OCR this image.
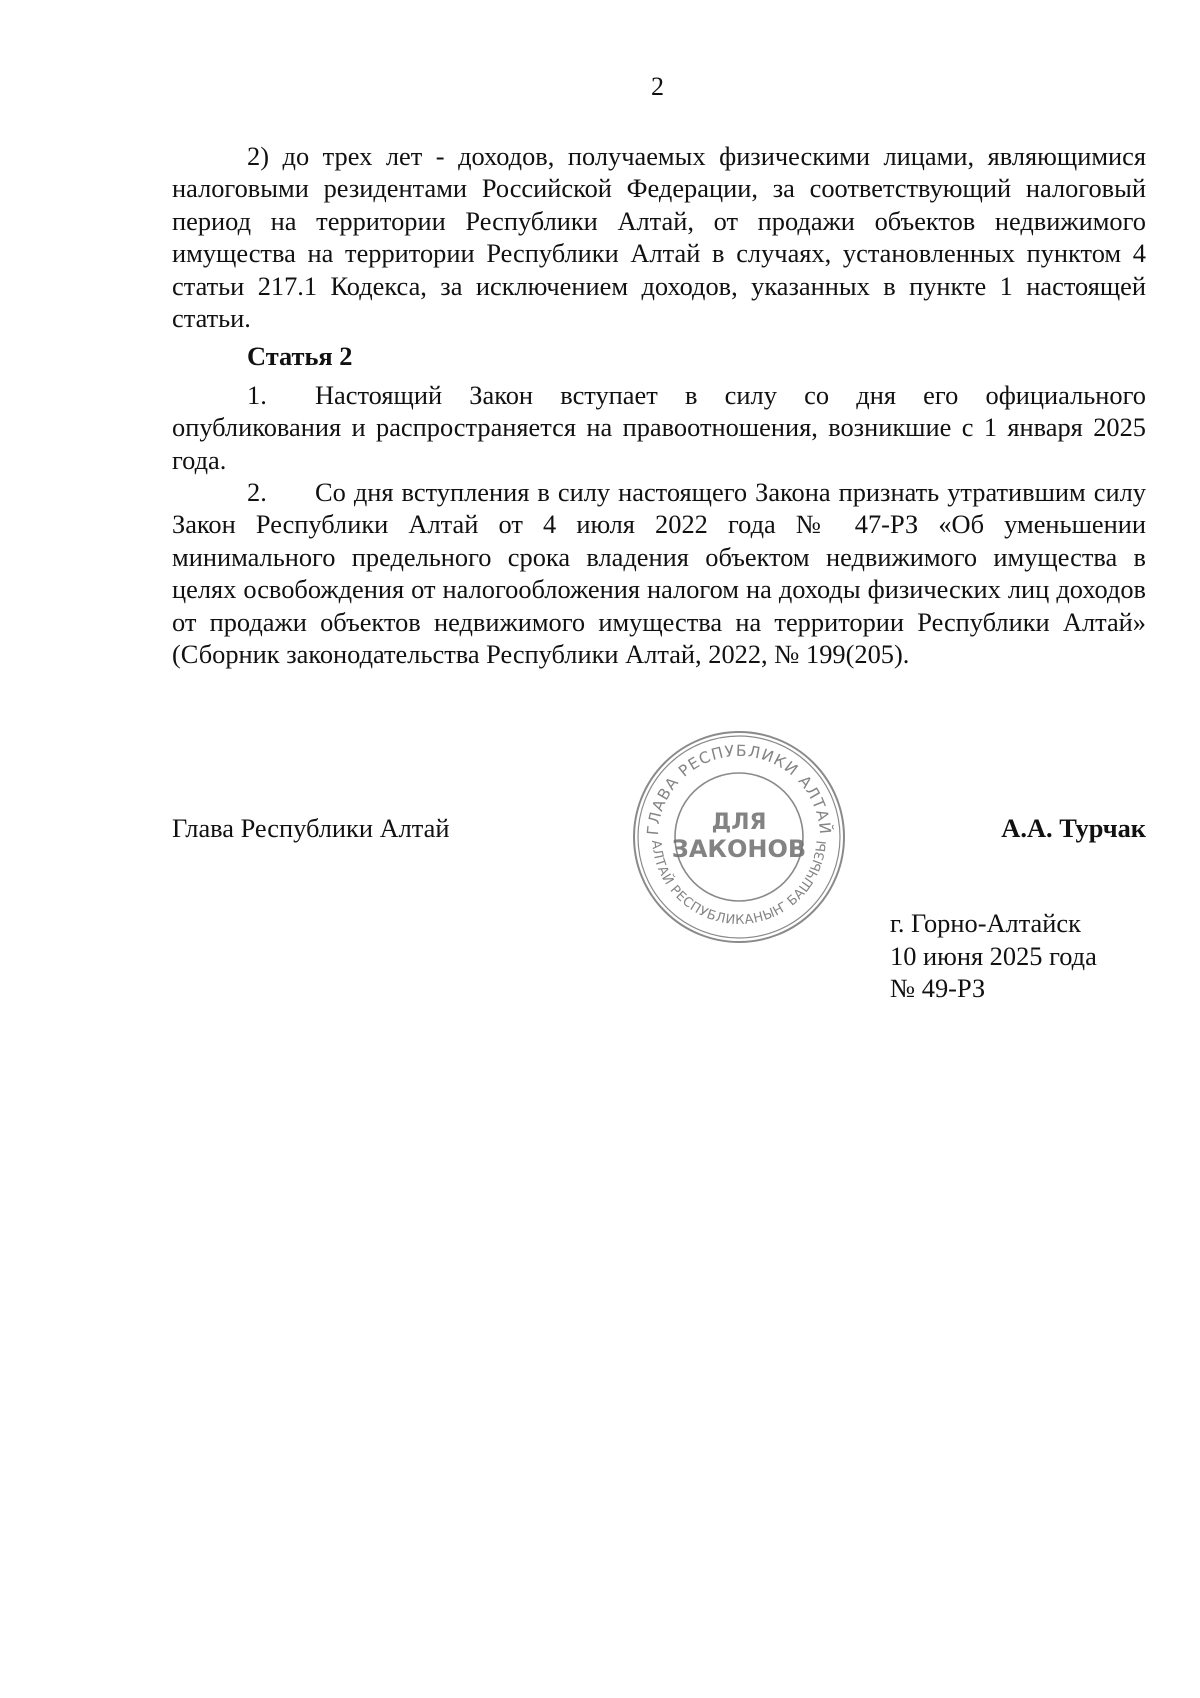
2

2) до трех лет - доходов, получаемых физическими лицами, являющимися налоговыми резидентами Российской Федерации, за соответствующий налоговый период на территории Республики Алтай, от продажи объектов недвижимого имущества на территории Республики Алтай в случаях, установленных пунктом 4 статьи 217.1 Кодекса, за исключением доходов, указанных в пункте 1 настоящей статьи.

Статья 2

1. Настоящий Закон вступает в силу со дня его официального опубликования и распространяется на правоотношения, возникшие с 1 января 2025 года.

2. Со дня вступления в силу настоящего Закона признать утратившим силу Закон Республики Алтай от 4 июля 2022 года № 47-РЗ «Об уменьшении минимального предельного срока владения объектом недвижимого имущества в целях освобождения от налогообложения налогом на доходы физических лиц доходов от продажи объектов недвижимого имущества на территории Республики Алтай» (Сборник законодательства Республики Алтай, 2022, № 199(205).

Глава Республики Алтай	А.А. Турчак
ГЛАВА РЕСПУБЛИКИ АЛТАЙ
АЛТАЙ РЕСПУБЛИКАНЫҤ БАШЧЫЗЫ
ДЛЯ
ЗАКОНОВ
г. Горно-Алтайск
10 июня 2025 года
№ 49-РЗ
